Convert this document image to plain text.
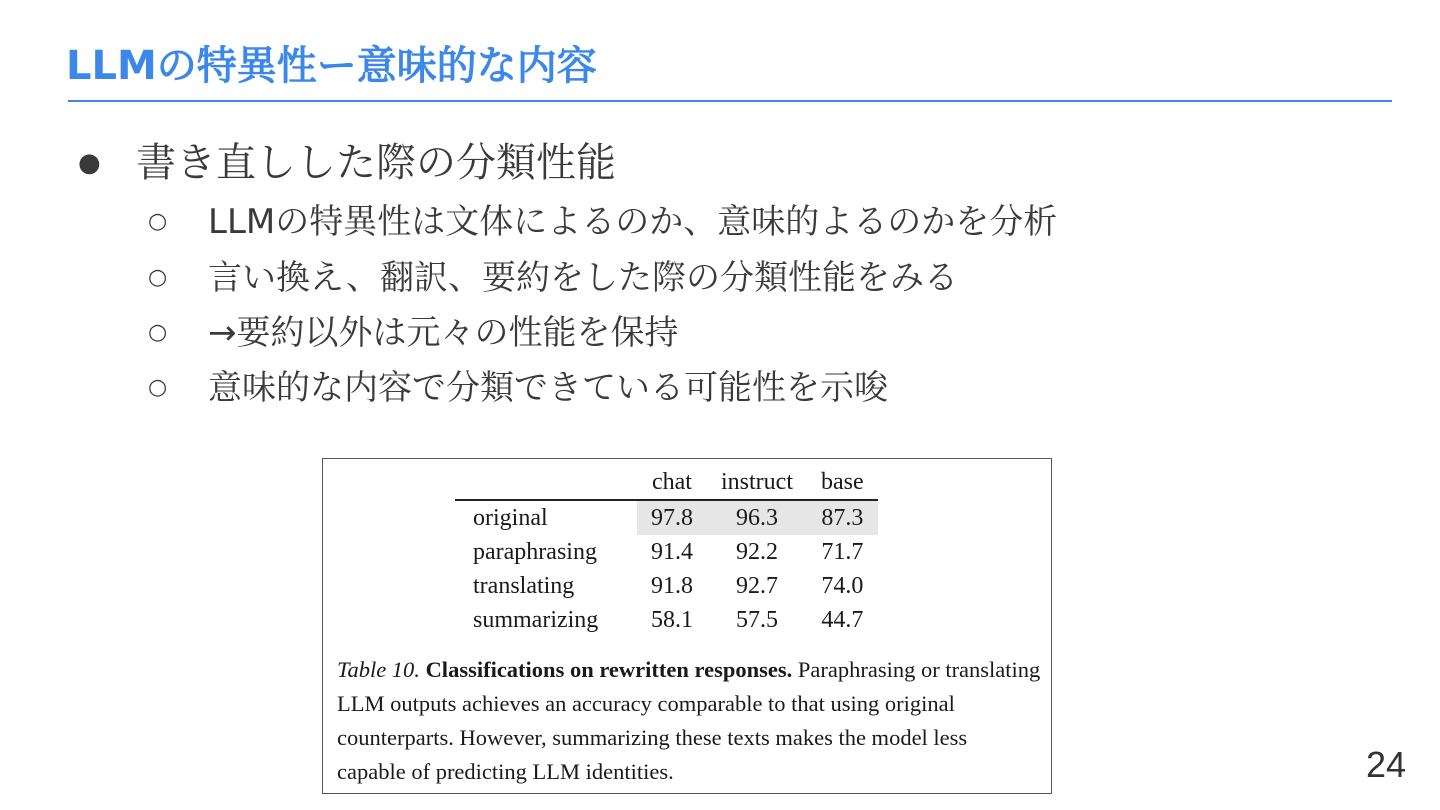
LLMの特異性ー意味的な内容
● 書き直しした際の分類性能
○ LLMの特異性は文体によるのか、意味的よるのかを分析
○ 言い換え、翻訳、要約をした際の分類性能をみる
○ →要約以外は元々の性能を保持
○ 意味的な内容で分類できている可能性を示唆
	chat	instruct	base
original	97.8	96.3	87.3
paraphrasing	91.4	92.2	71.7
translating	91.8	92.7	74.0
summarizing	58.1	57.5	44.7
Table 10. Classifications on rewritten responses. Paraphrasing or translating LLM outputs achieves an accuracy comparable to that using original counterparts. However, summarizing these texts makes the model less capable of predicting LLM identities.	24
